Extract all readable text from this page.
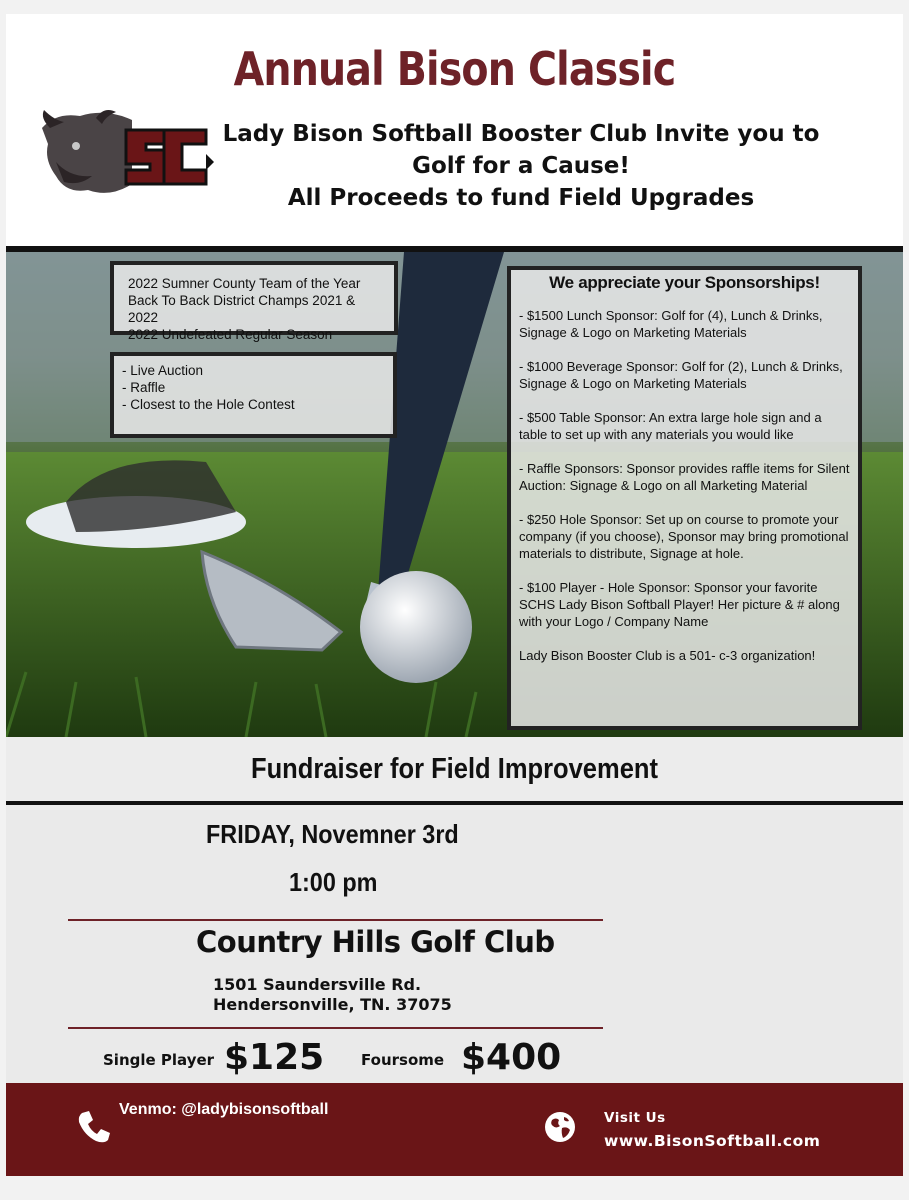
Annual Bison Classic
Lady Bison Softball Booster Club Invite you to
Golf for a Cause!
All Proceeds to fund Field Upgrades
2022 Sumner County Team of the Year
Back To Back District Champs 2021 & 2022
2022 Undefeated Regular Season
- Live Auction
- Raffle
- Closest to the Hole Contest
We appreciate your Sponsorships!
- $1500 Lunch Sponsor: Golf for (4), Lunch & Drinks, Signage & Logo on Marketing Materials
- $1000 Beverage Sponsor: Golf for (2), Lunch & Drinks, Signage & Logo on Marketing Materials
- $500 Table Sponsor: An extra large hole sign and a table to set up with any materials you would like
- Raffle Sponsors: Sponsor provides raffle items for Silent Auction: Signage & Logo on all Marketing Material
- $250 Hole Sponsor: Set up on course to promote your company (if you choose), Sponsor may bring promotional materials to distribute, Signage at hole.
- $100 Player - Hole Sponsor: Sponsor your favorite SCHS Lady Bison Softball Player! Her picture & # along with your Logo / Company Name
Lady Bison Booster Club is a 501- c-3 organization!
Fundraiser for Field Improvement
FRIDAY, Novemner 3rd
1:00 pm
Country Hills Golf Club
1501 Saundersville Rd.
Hendersonville, TN. 37075
Single Player $125 Foursome $400
Venmo: @ladybisonsoftball	Visit Us
www.BisonSoftball.com
